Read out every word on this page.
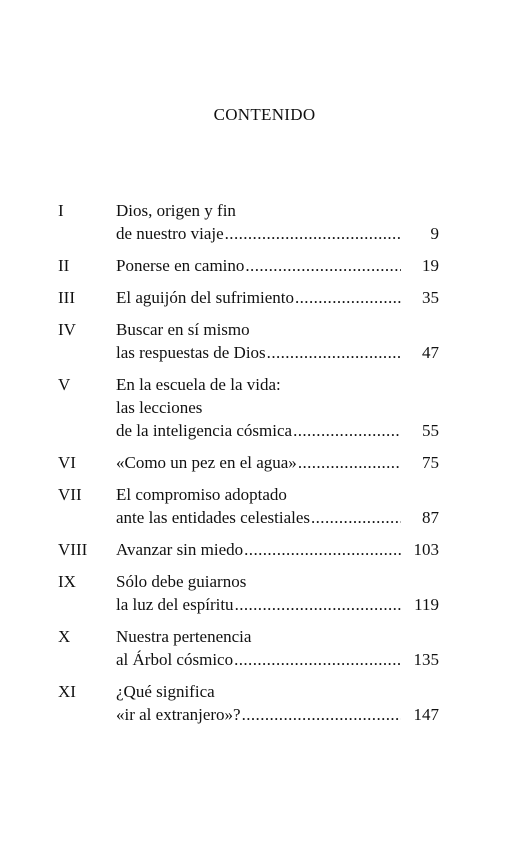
CONTENIDO
I	Dios, origen y fin
de nuestro viaje .....	9
II	Ponerse en camino .....	19
III El aguijón del sufrimiento .....	35
IV Buscar en sí mismo
las respuestas de Dios .....	47
V	En la escuela de la vida:
las lecciones
de la inteligencia cósmica .....	55
VI «Como un pez en el agua» .....	75
VII El compromiso adoptado
ante las entidades celestiales .....	87
VIII Avanzar sin miedo .....	103
IX Sólo debe guiarnos
la luz del espíritu .....	119
X	Nuestra pertenencia
al Árbol cósmico .....	135
XI ¿Qué significa
«ir al extranjero»? .....	147
